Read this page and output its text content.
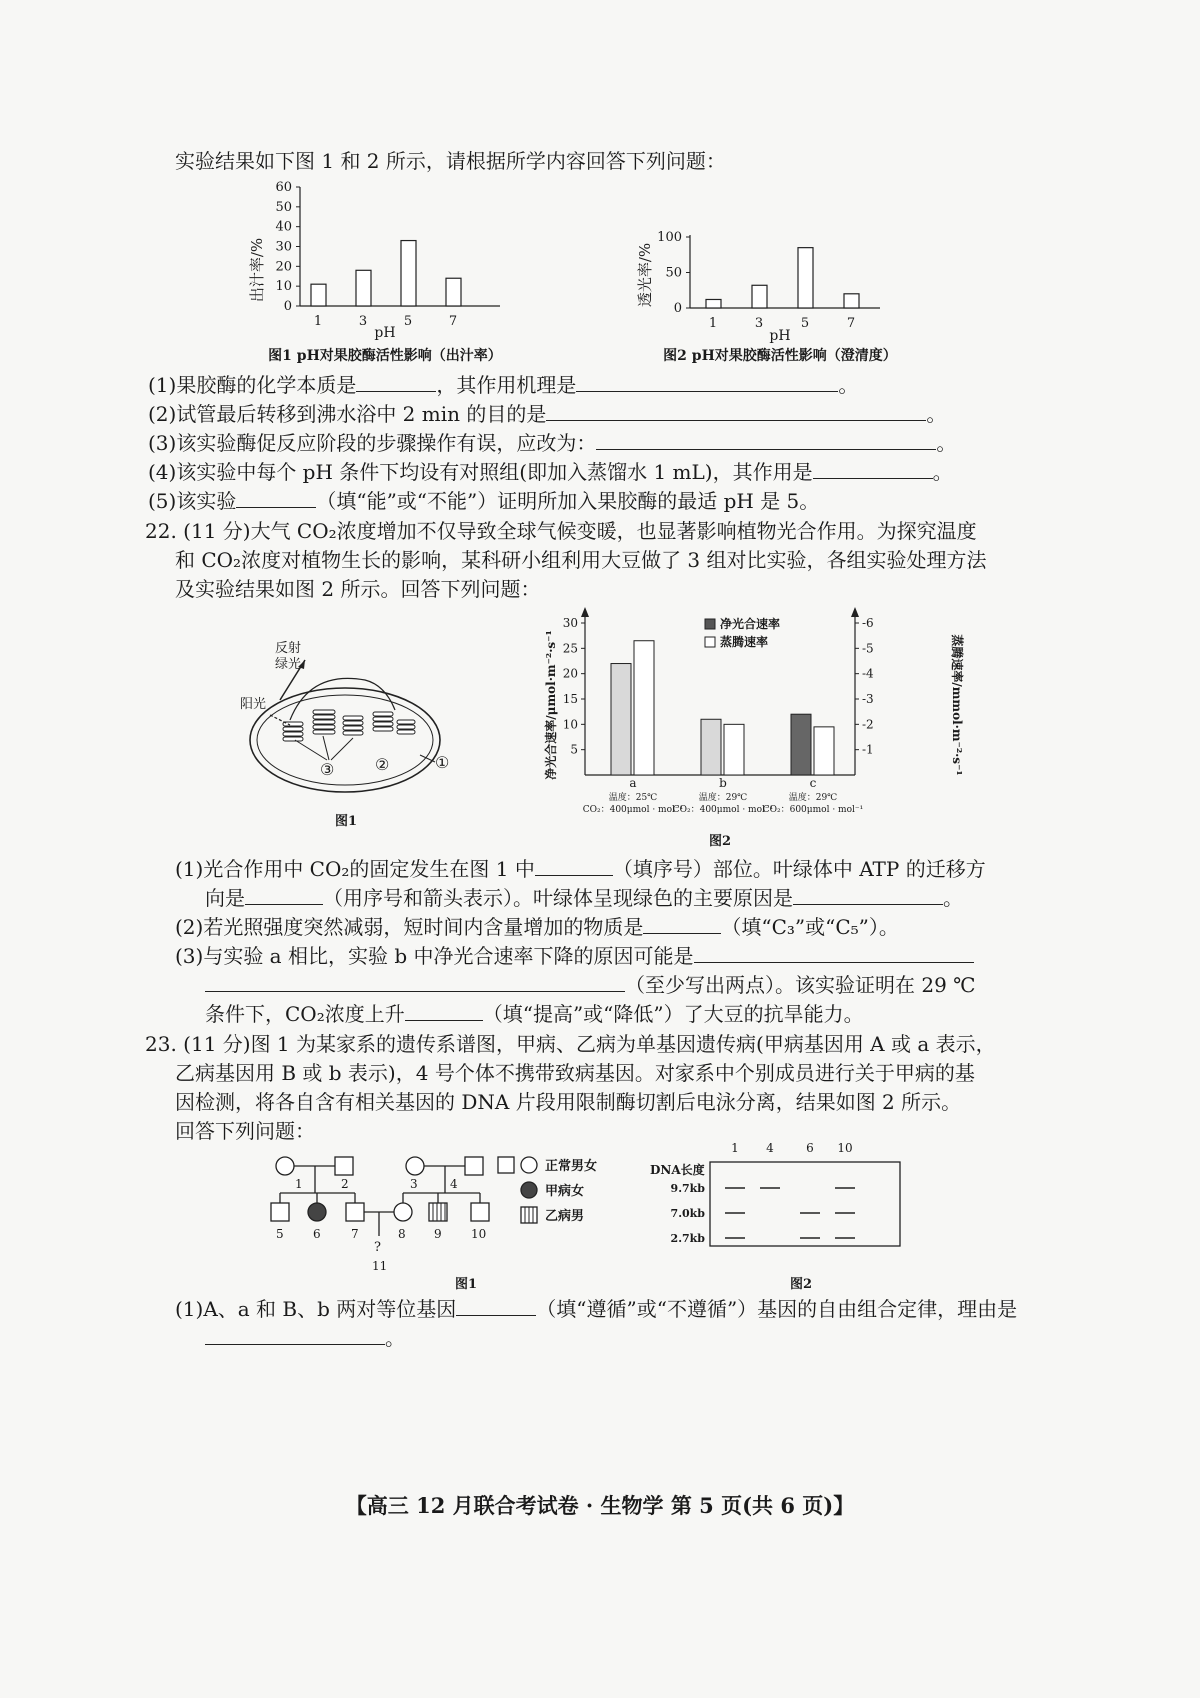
实验结果如下图 1 和 2 所示，请根据所学内容回答下列问题：
出汁率/%
0
10
20
30
40
50
60
1	3	5	7
pH
图1 pH对果胶酶活性影响（出汁率）
透光率/%
0
50
100
1	3	5	7
pH
图2 pH对果胶酶活性影响（澄清度）
(1)果胶酶的化学本质是	，其作用机理是	。
(2)试管最后转移到沸水浴中 2 min 的目的是	。
(3)该实验酶促反应阶段的步骤操作有误，应改为：	。
(4)该实验中每个 pH 条件下均设有对照组(即加入蒸馏水 1 mL)，其作用是	。
(5)该实验	（填“能”或“不能”）证明所加入果胶酶的最适 pH 是 5。
22. (11 分)大气 CO₂浓度增加不仅导致全球气候变暖，也显著影响植物光合作用。为探究温度
和 CO₂浓度对植物生长的影响，某科研小组利用大豆做了 3 组对比实验，各组实验处理方法
及实验结果如图 2 所示。回答下列问题：
反射
绿光
阳光
①
②
③
图1
净光合速率/μmol·m⁻²·s⁻¹	蒸腾速率/mmol·m⁻²·s⁻¹
5
10
15
20
25
30
-1
-2
-3
-4
-5
-6
a
温度：25℃
CO₂：400μmol · mol⁻¹
b
温度：29℃
CO₂：400μmol · mol⁻¹
c
温度：29℃
CO₂：600μmol · mol⁻¹
净光合速率
蒸腾速率
图2
(1)光合作用中 CO₂的固定发生在图 1 中	（填序号）部位。叶绿体中 ATP 的迁移方
向是	（用序号和箭头表示）。叶绿体呈现绿色的主要原因是	。
(2)若光照强度突然减弱，短时间内含量增加的物质是	（填“C₃”或“C₅”）。
(3)与实验 a 相比，实验 b 中净光合速率下降的原因可能是
（至少写出两点）。该实验证明在 29 ℃
条件下，CO₂浓度上升	（填“提高”或“降低”）了大豆的抗旱能力。
23. (11 分)图 1 为某家系的遗传系谱图，甲病、乙病为单基因遗传病(甲病基因用 A 或 a 表示，
乙病基因用 B 或 b 表示)，4 号个体不携带致病基因。对家系中个别成员进行关于甲病的基
因检测，将各自含有相关基因的 DNA 片段用限制酶切割后电泳分离，结果如图 2 所示。
回答下列问题：
1	2	3	4
5 6	7	8 9 10
?
11
正常男女
甲病女
乙病男
图1
1 4	6 10
DNA长度
9.7kb
7.0kb
2.7kb
图2
(1)A、a 和 B、b 两对等位基因	（填“遵循”或“不遵循”）基因的自由组合定律，理由是
。
【高三 12 月联合考试卷 · 生物学 第 5 页(共 6 页)】
